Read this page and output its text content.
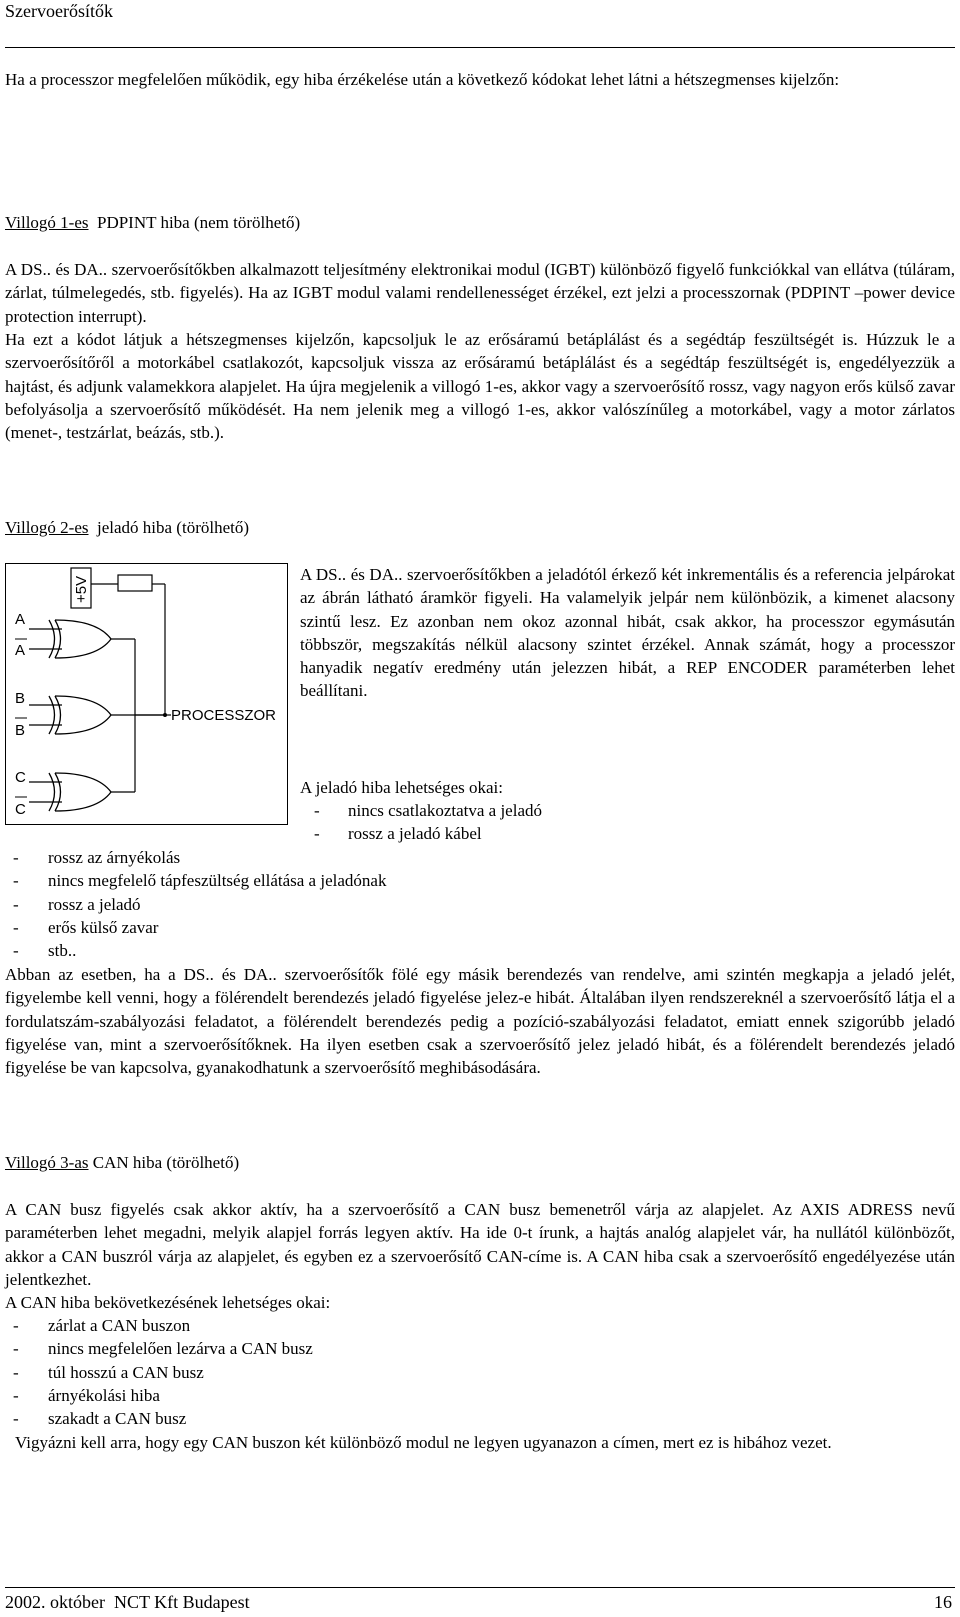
Szervoerősítők

Ha a processzor megfelelően működik, egy hiba érzékelése után a következő kódokat lehet látni a hétszegmenses kijelzőn:

Villogó 1-es  PDPINT hiba (nem törölhető)

A DS.. és DA.. szervoerősítőkben alkalmazott teljesítmény elektronikai modul (IGBT) különböző figyelő funkciókkal van ellátva (túláram, zárlat, túlmelegedés, stb. figyelés). Ha az IGBT modul valami rendellenességet érzékel, ezt jelzi a processzornak (PDPINT –power device protection interrupt).

Ha ezt a kódot látjuk a hétszegmenses kijelzőn, kapcsoljuk le az erősáramú betáplálást és a segédtáp feszültségét is. Húzzuk le a szervoerősítőről a motorkábel csatlakozót, kapcsoljuk vissza az erősáramú betáplálást és a segédtáp feszültségét is, engedélyezzük a hajtást, és adjunk valamekkora alapjelet. Ha újra megjelenik a villogó 1-es, akkor vagy a szervoerősítő rossz, vagy nagyon erős külső zavar befolyásolja a szervoerősítő működését. Ha nem jelenik meg a villogó 1-es, akkor valószínűleg a motorkábel, vagy a motor zárlatos (menet-, testzárlat, beázás, stb.).

Villogó 2-es  jeladó hiba (törölhető)
+5V
A
A
B
B
C
C
PROCESSZOR

A DS.. és DA.. szervoerősítőkben a jeladótól érkező két inkrementális és a referencia jelpárokat az ábrán látható áramkör figyeli. Ha valamelyik jelpár nem különbözik, a kimenet alacsony szintű lesz. Ez azonban nem okoz azonnal hibát, csak akkor, ha processzor egymásután többször, megszakítás nélkül alacsony szintet érzékel. Annak számát, hogy a processzor hanyadik negatív eredmény után jelezzen hibát, a REP ENCODER paraméterben lehet beállítani.

A jeladó hiba lehetséges okai:

- nincs csatlakoztatva a jeladó
- rossz a jeladó kábel
- rossz az árnyékolás
- nincs megfelelő tápfeszültség ellátása a jeladónak
- rossz a jeladó
- erős külső zavar
- stb..

Abban az esetben, ha a DS.. és DA.. szervoerősítők fölé egy másik berendezés van rendelve, ami szintén megkapja a jeladó jelét, figyelembe kell venni, hogy a fölérendelt berendezés jeladó figyelése jelez-e hibát. Általában ilyen rendszereknél a szervoerősítő látja el a fordulatszám-szabályozási feladatot, a fölérendelt berendezés pedig a pozíció-szabályozási feladatot, emiatt ennek szigorúbb jeladó figyelése van, mint a szervoerősítőknek. Ha ilyen esetben csak a szervoerősítő jelez jeladó hibát, és a fölérendelt berendezés jeladó figyelése be van kapcsolva, gyanakodhatunk a szervoerősítő meghibásodására.

Villogó 3-as CAN hiba (törölhető)

A CAN busz figyelés csak akkor aktív, ha a szervoerősítő a CAN busz bemenetről várja az alapjelet. Az AXIS ADRESS nevű paraméterben lehet megadni, melyik alapjel forrás legyen aktív. Ha ide 0-t írunk, a hajtás analóg alapjelet vár, ha nullától különbözőt, akkor a CAN buszról várja az alapjelet, és egyben ez a szervoerősítő CAN-címe is. A CAN hiba csak a szervoerősítő engedélyezése után jelentkezhet.

A CAN hiba bekövetkezésének lehetséges okai:

- zárlat a CAN buszon
- nincs megfelelően lezárva a CAN busz
- túl hosszú a CAN busz
- árnyékolási hiba
- szakadt a CAN busz

Vigyázni kell arra, hogy egy CAN buszon két különböző modul ne legyen ugyanazon a címen, mert ez is hibához vezet.

2002. október  NCT Kft Budapest	16
